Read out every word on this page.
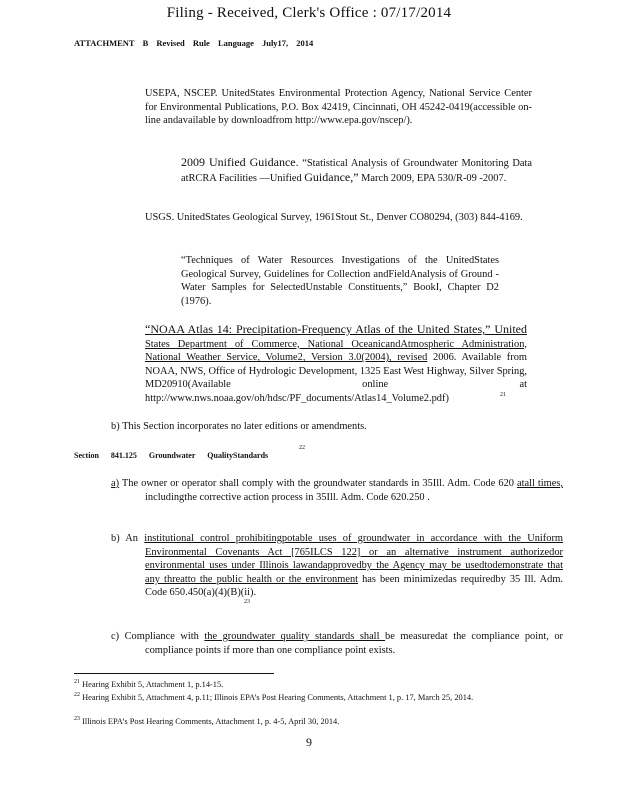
Filing - Received, Clerk's Office : 07/17/2014
ATTACHMENT B Revised Rule Language July17, 2014

USEPA, NSCEP. UnitedStates Environmental Protection Agency, National Service Center for Environmental Publications, P.O. Box 42419, Cincinnati, OH 45242-0419(accessible on-line andavailable by downloadfrom http://www.epa.gov/nscep/).

2009 Unified Guidance. “Statistical Analysis of Groundwater Monitoring Data atRCRA Facilities —Unified Guidance,” March 2009, EPA 530/R-09 -2007.

USGS. UnitedStates Geological Survey, 1961Stout St., Denver CO80294, (303) 844-4169.

“Techniques of Water Resources Investigations of the UnitedStates Geological Survey, Guidelines for Collection andFieldAnalysis of Ground -Water Samples for SelectedUnstable Constituents,” BookI, Chapter D2 (1976).

“NOAA Atlas 14: Precipitation-Frequency Atlas of the United States,” United States Department of Commerce, National OceanicandAtmospheric Administration, National Weather Service, Volume2, Version 3.0(2004), revised 2006. Available from NOAA, NWS, Office of Hydrologic Development, 1325 East West Highway, Silver Spring, MD20910(Available online at http://www.nws.noaa.gov/oh/hdsc/PF_documents/Atlas14_Volume2.pdf)	21

b) This Section incorporates no later editions or amendments.

Section 841.125 Groundwater QualityStandards
22

a) The owner or operator shall comply with the groundwater standards in 35Ill. Adm. Code 620 atall times, includingthe corrective action process in 35Ill. Adm. Code 620.250 .

b) An institutional control prohibitingpotable uses of groundwater in accordance with the Uniform Environmental Covenants Act [765ILCS 122] or an alternative instrument authorizedor environmental uses under Illinois lawandapprovedby the Agency may be usedtodemonstrate that any threatto the public health or the environment has been minimizedas requiredby 35 Ill. Adm. Code 650.450(a)(4)(B)(ii).

23

c) Compliance with the groundwater quality standards shall be measuredat the compliance point, or compliance points if more than one compliance point exists.

$^{21}$ Hearing Exhibit 5, Attachment 1, p.14-15.
$^{22}$ Hearing Exhibit 5, Attachment 4, p.11; Illinois EPA’s Post Hearing Comments, Attachment 1, p. 17, March 25, 2014.
$^{23}$ Illinois EPA’s Post Hearing Comments, Attachment 1, p. 4-5, April 30, 2014.
9
